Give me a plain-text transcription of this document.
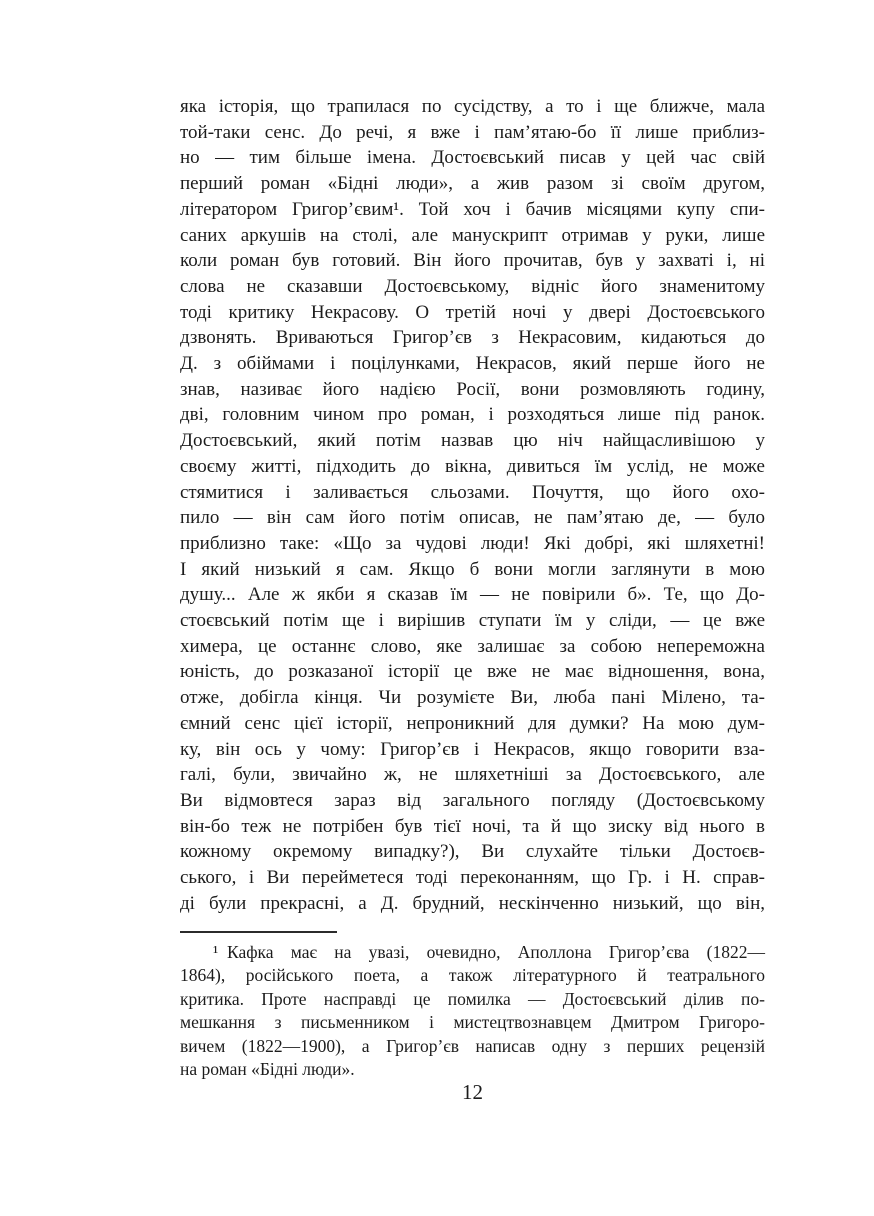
яка історія, що трапилася по сусідству, а то і ще ближче, мала
той-таки сенс. До речі, я вже і пам’ятаю-бо її лише приблиз-
но — тим більше імена. Достоєвський писав у цей час свій
перший роман «Бідні люди», а жив разом зі своїм другом,
літератором Григор’євим¹. Той хоч і бачив місяцями купу спи-
саних аркушів на столі, але манускрипт отримав у руки, лише
коли роман був готовий. Він його прочитав, був у захваті і, ні
слова не сказавши Достоєвському, відніс його знаменитому
тоді критику Некрасову. О третій ночі у двері Достоєвського
дзвонять. Вриваються Григор’єв з Некрасовим, кидаються до
Д. з обіймами і поцілунками, Некрасов, який перше його не
знав, називає його надією Росії, вони розмовляють годину,
дві, головним чином про роман, і розходяться лише під ранок.
Достоєвський, який потім назвав цю ніч найщасливішою у
своєму житті, підходить до вікна, дивиться їм услід, не може
стямитися і заливається сльозами. Почуття, що його охо-
пило — він сам його потім описав, не пам’ятаю де, — було
приблизно таке: «Що за чудові люди! Які добрі, які шляхетні!
І який низький я сам. Якщо б вони могли заглянути в мою
душу... Але ж якби я сказав їм — не повірили б». Те, що До-
стоєвський потім ще і вирішив ступати їм у сліди, — це вже
химера, це останнє слово, яке залишає за собою непереможна
юність, до розказаної історії це вже не має відношення, вона,
отже, добігла кінця. Чи розумієте Ви, люба пані Мілено, та-
ємний сенс цієї історії, непроникний для думки? На мою дум-
ку, він ось у чому: Григор’єв і Некрасов, якщо говорити вза-
галі, були, звичайно ж, не шляхетніші за Достоєвського, але
Ви відмовтеся зараз від загального погляду (Достоєвському
він-бо теж не потрібен був тієї ночі, та й що зиску від нього в
кожному окремому випадку?), Ви слухайте тільки Достоєв-
ського, і Ви перейметеся тоді переконанням, що Гр. і Н. справ-
ді були прекрасні, а Д. брудний, нескінченно низький, що він,
¹ Кафка має на увазі, очевидно, Аполлона Григор’єва (1822—
1864), російського поета, а також літературного й театрального
критика. Проте насправді це помилка — Достоєвський ділив по-
мешкання з письменником і мистецтвознавцем Дмитром Григоро-
вичем (1822—1900), а Григор’єв написав одну з перших рецензій
на роман «Бідні люди».
12
